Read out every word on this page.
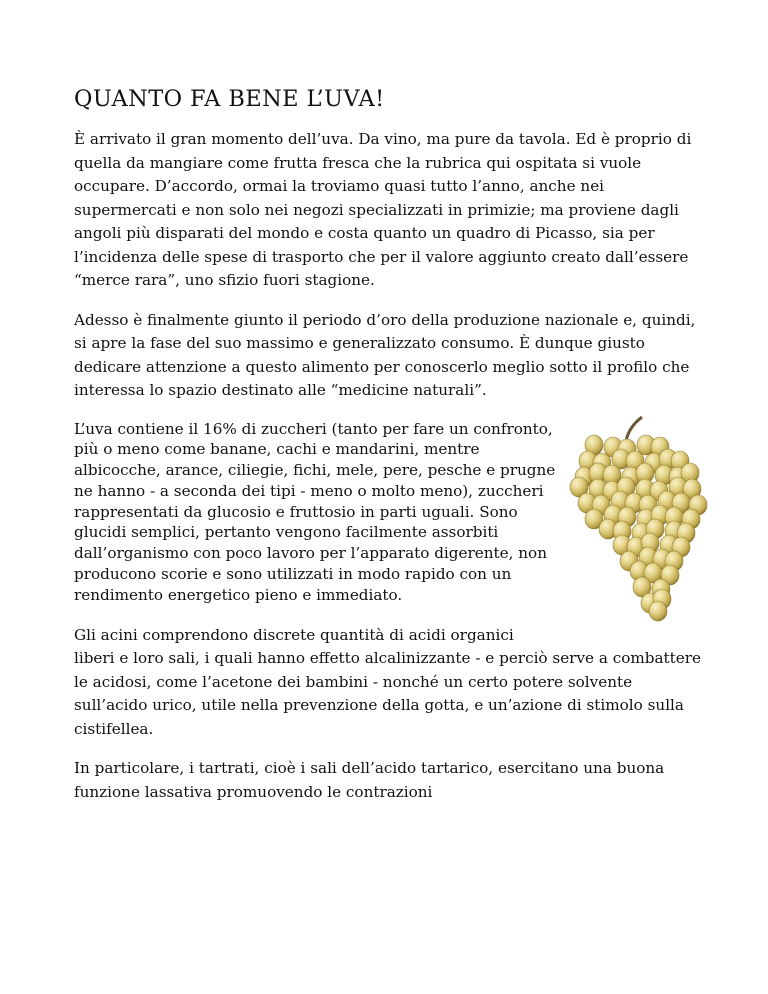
QUANTO FA BENE L’UVA!

È arrivato il gran momento dell’uva. Da vino, ma pure da tavola. Ed è proprio di quella da mangiare come frutta fresca che la rubrica qui ospitata si vuole occupare. D’accordo, ormai la troviamo quasi tutto l’anno, anche nei supermercati e non solo nei negozi specializzati in primizie; ma proviene dagli angoli più disparati del mondo e costa quanto un quadro di Picasso, sia per l’incidenza delle spese di trasporto che per il valore aggiunto creato dall’essere “merce rara”, uno sfizio fuori stagione.

Adesso è finalmente giunto il periodo d’oro della produzione nazionale e, quindi, si apre la fase del suo massimo e generalizzato consumo. È dunque giusto dedicare attenzione a questo alimento per conoscerlo meglio sotto il profilo che interessa lo spazio destinato alle “medicine naturali”.

L’uva contiene il 16% di zuccheri (tanto per fare un confronto, più o meno come banane, cachi e mandarini, mentre albicocche, arance, ciliegie, fichi, mele, pere, pesche e prugne ne hanno - a seconda dei tipi - meno o molto meno), zuccheri rappresentati da glucosio e fruttosio in parti uguali. Sono glucidi semplici, pertanto vengono facilmente assorbiti dall’organismo con poco lavoro per l’apparato digerente, non producono scorie e sono utilizzati in modo rapido con un rendimento energetico pieno e immediato.

Gli acini comprendono discrete quantità di acidi organici liberi e loro sali, i quali hanno effetto alcalinizzante - e perciò serve a combattere le acidosi, come l’acetone dei bambini - nonché un certo potere solvente sull’acido urico, utile nella prevenzione della gotta, e un’azione di stimolo sulla cistifellea.

In particolare, i tartrati, cioè i sali dell’acido tartarico, esercitano una buona funzione lassativa promuovendo le contrazioni
